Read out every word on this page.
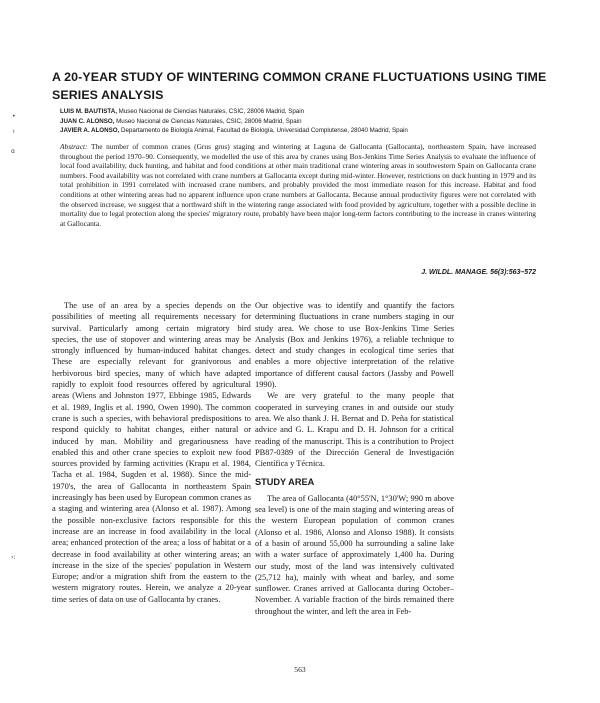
•
ı
ɑ
›:
A 20-YEAR STUDY OF WINTERING COMMON CRANE FLUCTUATIONS USING TIME SERIES ANALYSIS
LUIS M. BAUTISTA, Museo Nacional de Ciencias Naturales, CSIC, 28006 Madrid, Spain
JUAN C. ALONSO, Museo Nacional de Ciencias Naturales, CSIC, 28006 Madrid, Spain
JAVIER A. ALONSO, Departamento de Biología Animal, Facultad de Biología, Universidad Complutense, 28040 Madrid, Spain
Abstract: The number of common cranes (Grus grus) staging and wintering at Laguna de Gallocanta (Gallocanta), northeastern Spain, have increased throughout the period 1970–90. Consequently, we modelled the use of this area by cranes using Box-Jenkins Time Series Analysis to evaluate the influence of local food availability, duck hunting, and habitat and food conditions at other main traditional crane wintering areas in southwestern Spain on Gallocanta crane numbers. Food availability was not correlated with crane numbers at Gallocanta except during mid-winter. However, restrictions on duck hunting in 1979 and its total prohibition in 1991 correlated with increased crane numbers, and probably provided the most immediate reason for this increase. Habitat and food conditions at other wintering areas had no apparent influence upon crane numbers at Gallocanta. Because annual productivity figures were not correlated with the observed increase, we suggest that a northward shift in the wintering range associated with food provided by agriculture, together with a possible decline in mortality due to legal protection along the species' migratory route, probably have been major long-term factors contributing to the increase in cranes wintering at Gallocanta.
J. WILDL. MANAGE. 56(3):563–572

The use of an area by a species depends on the possibilities of meeting all requirements necessary for survival. Particularly among certain migratory bird species, the use of stopover and wintering areas may be strongly influenced by human-induced habitat changes. These are especially relevant for granivorous and herbivorous bird species, many of which have adapted rapidly to exploit food resources offered by agricultural areas (Wiens and Johnston 1977, Ebbinge 1985, Edwards et al. 1989, Inglis et al. 1990, Owen 1990). The common crane is such a species, with behavioral predispositions to respond quickly to habitat changes, either natural or induced by man. Mobility and gregariousness have enabled this and other crane species to exploit new food sources provided by farming activities (Krapu et al. 1984, Tacha et al. 1984, Sugden et al. 1988). Since the mid-1970's, the area of Gallocanta in northeastern Spain increasingly has been used by European common cranes as a staging and wintering area (Alonso et al. 1987). Among the possible non-exclusive factors responsible for this increase are an increase in food availability in the local area; enhanced protection of the area; a loss of habitat or a decrease in food availability at other wintering areas; an increase in the size of the species' population in Western Europe; and/or a migration shift from the eastern to the western migratory routes. Herein, we analyze a 20-year time series of data on use of Gallocanta by cranes.

Our objective was to identify and quantify the factors determining fluctuations in crane numbers staging in our study area. We chose to use Box-Jenkins Time Series Analysis (Box and Jenkins 1976), a reliable technique to detect and study changes in ecological time series that enables a more objective interpretation of the relative importance of different causal factors (Jassby and Powell 1990).

We are very grateful to the many people that cooperated in surveying cranes in and outside our study area. We also thank J. H. Bernat and D. Peña for statistical advice and G. L. Krapu and D. H. Johnson for a critical reading of the manuscript. This is a contribution to Project PB87-0389 of the Dirección General de Investigación Científica y Técnica.

STUDY AREA

The area of Gallocanta (40°55'N, 1°30'W; 990 m above sea level) is one of the main staging and wintering areas of the western European population of common cranes (Alonso et al. 1986, Alonso and Alonso 1988). It consists of a basin of around 55,000 ha surrounding a saline lake with a water surface of approximately 1,400 ha. During our study, most of the land was intensively cultivated (25,712 ha), mainly with wheat and barley, and some sunflower. Cranes arrived at Gallocanta during October–November. A variable fraction of the birds remained there throughout the winter, and left the area in Feb-

563
